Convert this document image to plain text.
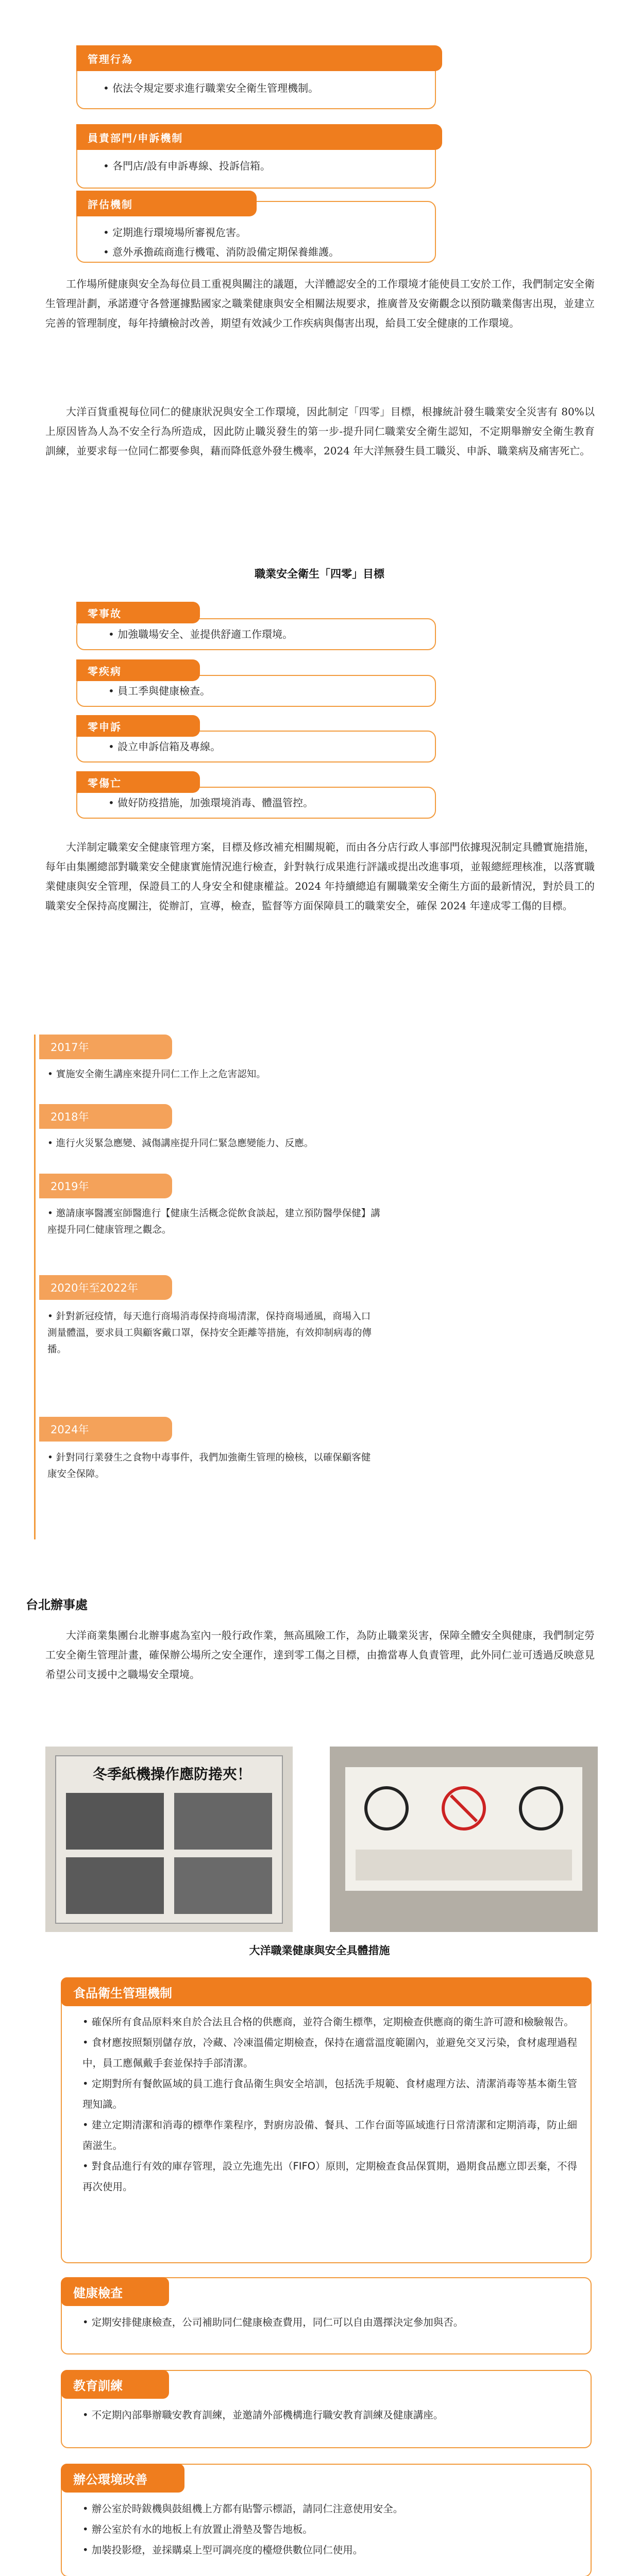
管理行為
• 依法令規定要求進行職業安全衛生管理機制。
員責部門/申訴機制
• 各門店/設有申訴專線、投訴信箱。
評估機制
• 定期進行環境場所審視危害。
• 意外承擔疏商進行機電、消防設備定期保養維護。
工作場所健康與安全為每位員工重視與關注的議題，大洋體認安全的工作環境才能使員工安於工作，我們制定安全衛生管理計劃，承諾遵守各營運據點國家之職業健康與安全相關法規要求，推廣普及安衛觀念以預防職業傷害出現，並建立完善的管理制度，每年持續檢討改善，期望有效減少工作疾病與傷害出現，給員工安全健康的工作環境。
大洋百貨重視每位同仁的健康狀況與安全工作環境，因此制定「四零」目標，根據統計發生職業安全災害有 80%以上原因皆為人為不安全行為所造成，因此防止職災發生的第一步-提升同仁職業安全衛生認知，不定期舉辦安全衛生教育訓練，並要求每一位同仁都要參與，藉而降低意外發生機率，2024 年大洋無發生員工職災、申訴、職業病及痛害死亡。
職業安全衛生「四零」目標
零事故
• 加強職場安全、並提供舒適工作環境。
零疾病
• 員工季與健康檢查。
零申訴
• 設立申訴信箱及專線。
零傷亡
• 做好防疫措施，加強環境消毒、體溫管控。
大洋制定職業安全健康管理方案，目標及修改補充相關規範，而由各分店行政人事部門依據現況制定具體實施措施，每年由集團總部對職業安全健康實施情況進行檢查，針對執行成果進行評議或提出改進事項，並報總經理核准，以落實職業健康與安全管理，保證員工的人身安全和健康權益。2024 年持續總追有關職業安全衛生方面的最新情況，對於員工的職業安全保持高度關注，從辦訂，宣導，檢查，監督等方面保障員工的職業安全，確保 2024 年達成零工傷的目標。
2017年
• 實施安全衛生講座來提升同仁工作上之危害認知。
2018年
• 進行火災緊急應變、減傷講座提升同仁緊急應變能力、反應。
2019年
• 邀請康寧醫護室師醫進行【健康生活概念從飲食談起，建立預防醫學保健】講座提升同仁健康管理之觀念。
2020年至2022年
• 針對新冠疫情，每天進行商場消毒保持商場清潔，保持商場通風，商場入口測量體溫，要求員工與顧客戴口罩，保持安全距離等措施，有效抑制病毒的傳播。
2024年
• 針對同行業發生之食物中毒事件，我們加強衛生管理的檢核，以確保顧客健康安全保障。
台北辦事處
大洋商業集團台北辦事處為室內一般行政作業，無高風險工作，為防止職業災害，保障全體安全與健康，我們制定勞工安全衛生管理計畫，確保辦公場所之安全運作，達到零工傷之目標，由擔當專人負責管理，此外同仁並可透過反映意見希望公司支援中之職場安全環境。
冬季紙機操作應防捲夾！
大洋職業健康與安全具體措施
食品衛生管理機制
• 確保所有食品原料來自於合法且合格的供應商，並符合衛生標準，定期檢查供應商的衛生許可證和檢驗報告。
• 食材應按照類別儲存放，冷藏、冷凍溫備定期檢查，保持在適當溫度範圍內，並避免交叉污染，食材處理過程中，員工應佩戴手套並保持手部清潔。
• 定期對所有餐飲區域的員工進行食品衛生與安全培訓，包括洗手規範、食材處理方法、清潔消毒等基本衛生管理知識。
• 建立定期清潔和消毒的標準作業程序，對廚房設備、餐具、工作台面等區域進行日常清潔和定期消毒，防止細菌滋生。
• 對食品進行有效的庫存管理，設立先進先出（FIFO）原則，定期檢查食品保質期，過期食品應立即丟棄，不得再次使用。
健康檢查
• 定期安排健康檢查，公司補助同仁健康檢查費用，同仁可以自由選擇決定參加與否。
教育訓練
• 不定期內部舉辦職安教育訓練，並邀請外部機構進行職安教育訓練及健康講座。
辦公環境改善
• 辦公室於時鈸機與鼓組機上方都有貼警示標語，請同仁注意使用安全。
• 辦公室於有水的地板上有放置止滑墊及警告地板。
• 加裝投影燈，並採購桌上型可調亮度的檯燈供數位同仁使用。
